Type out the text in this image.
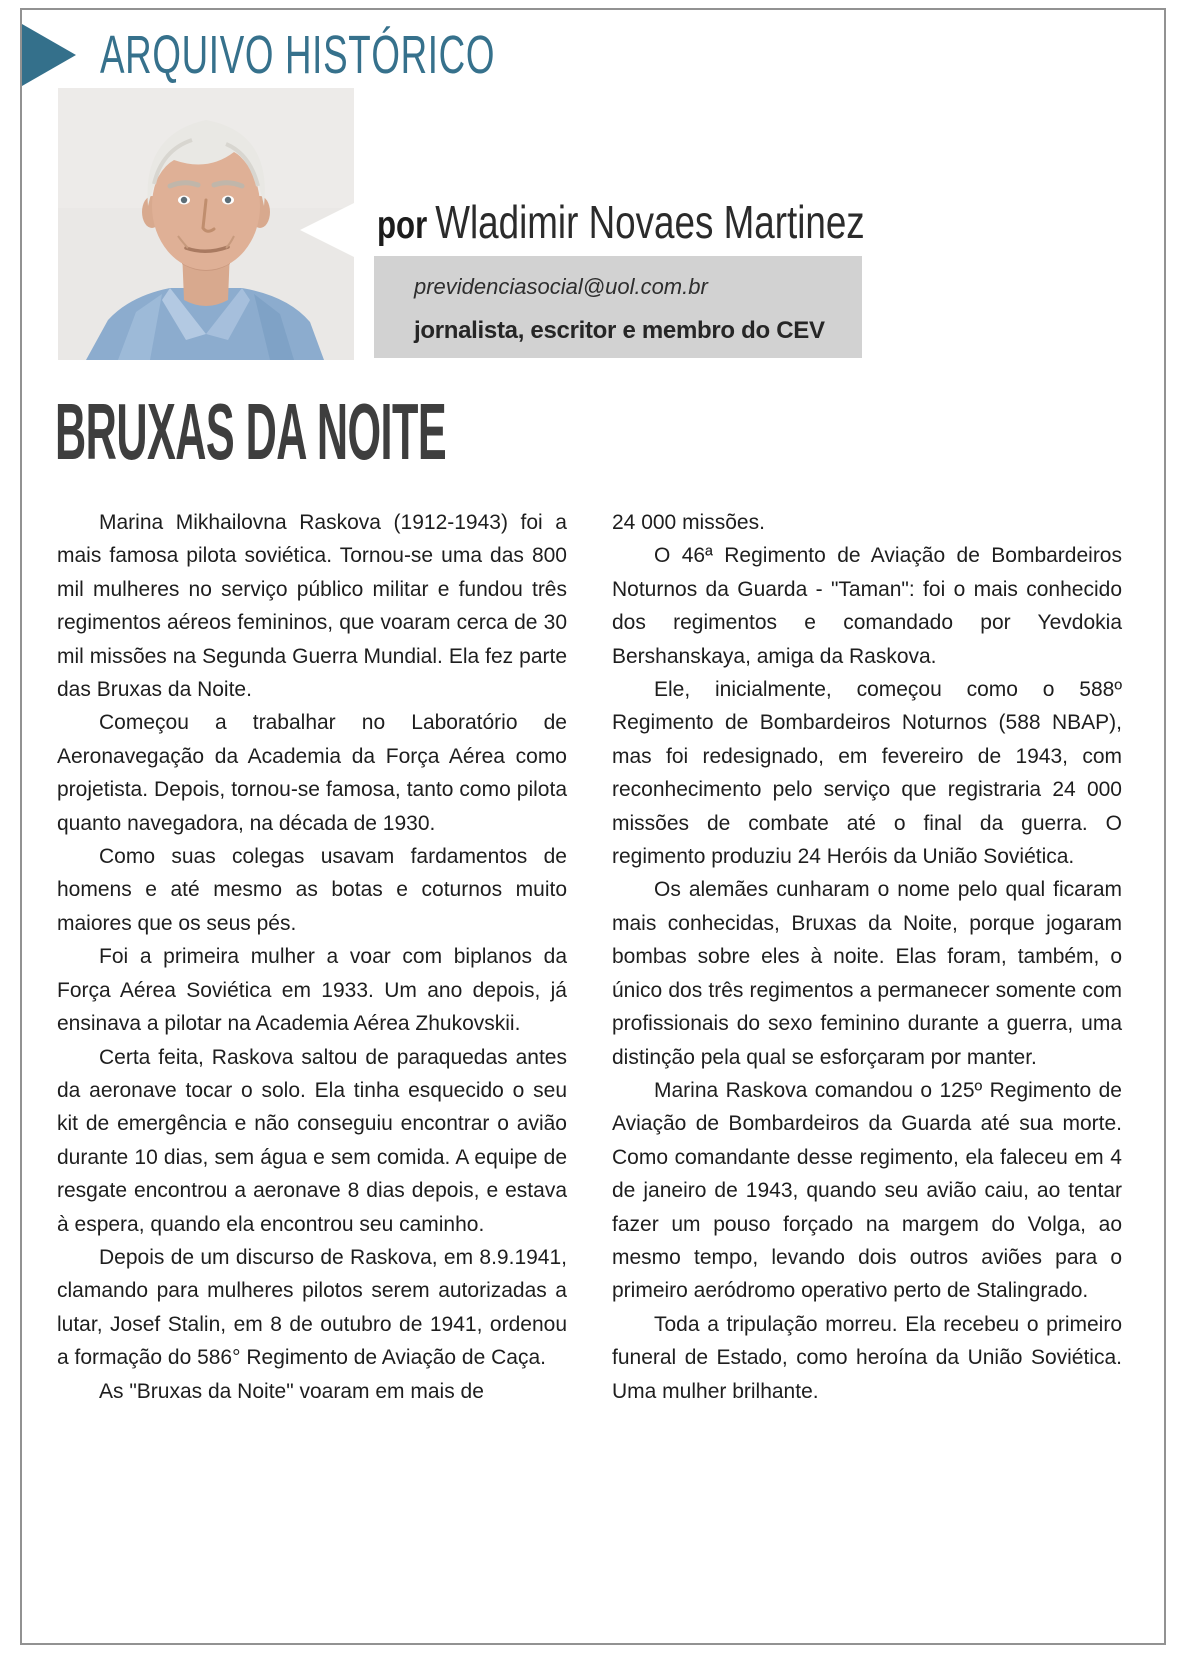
ARQUIVO HISTÓRICO
por Wladimir Novaes Martinez
previdenciasocial@uol.com.br
jornalista, escritor e membro do CEV
BRUXAS DA NOITE

Marina Mikhailovna Raskova (1912-1943) foi a mais famosa pilota soviética. Tornou-se uma das 800 mil mulheres no serviço público militar e fundou três regimentos aéreos femininos, que voaram cerca de 30 mil missões na Segunda Guerra Mundial. Ela fez parte das Bruxas da Noite.

Começou a trabalhar no Laboratório de Aeronavegação da Academia da Força Aérea como projetista. Depois, tornou-se famosa, tanto como pilota quanto navegadora, na década de 1930.

Como suas colegas usavam fardamentos de homens e até mesmo as botas e coturnos muito maiores que os seus pés.

Foi a primeira mulher a voar com biplanos da Força Aérea Soviética em 1933. Um ano depois, já ensinava a pilotar na Academia Aérea Zhukovskii.

Certa feita, Raskova saltou de paraquedas antes da aeronave tocar o solo. Ela tinha esquecido o seu kit de emergência e não conseguiu encontrar o avião durante 10 dias, sem água e sem comida. A equipe de resgate encontrou a aeronave 8 dias depois, e estava à espera, quando ela encontrou seu caminho.

Depois de um discurso de Raskova, em 8.9.1941, clamando para mulheres pilotos serem autorizadas a lutar, Josef Stalin, em 8 de outubro de 1941, ordenou a formação do 586° Regimento de Aviação de Caça.

As "Bruxas da Noite" voaram em mais de

24 000 missões.

O 46ª Regimento de Aviação de Bombardeiros Noturnos da Guarda - "Taman": foi o mais conhecido dos regimentos e comandado por Yevdokia Bershanskaya, amiga da Raskova.

Ele, inicialmente, começou como o 588º Regimento de Bombardeiros Noturnos (588 NBAP), mas foi redesignado, em fevereiro de 1943, com reconhecimento pelo serviço que registraria 24 000 missões de combate até o final da guerra. O regimento produziu 24 Heróis da União Soviética.

Os alemães cunharam o nome pelo qual ficaram mais conhecidas, Bruxas da Noite, porque jogaram bombas sobre eles à noite. Elas foram, também, o único dos três regimentos a permanecer somente com profissionais do sexo feminino durante a guerra, uma distinção pela qual se esforçaram por manter.

Marina Raskova comandou o 125º Regimento de Aviação de Bombardeiros da Guarda até sua morte. Como comandante desse regimento, ela faleceu em 4 de janeiro de 1943, quando seu avião caiu, ao tentar fazer um pouso forçado na margem do Volga, ao mesmo tempo, levando dois outros aviões para o primeiro aeródromo operativo perto de Stalingrado.

Toda a tripulação morreu. Ela recebeu o primeiro funeral de Estado, como heroína da União Soviética. Uma mulher brilhante.
